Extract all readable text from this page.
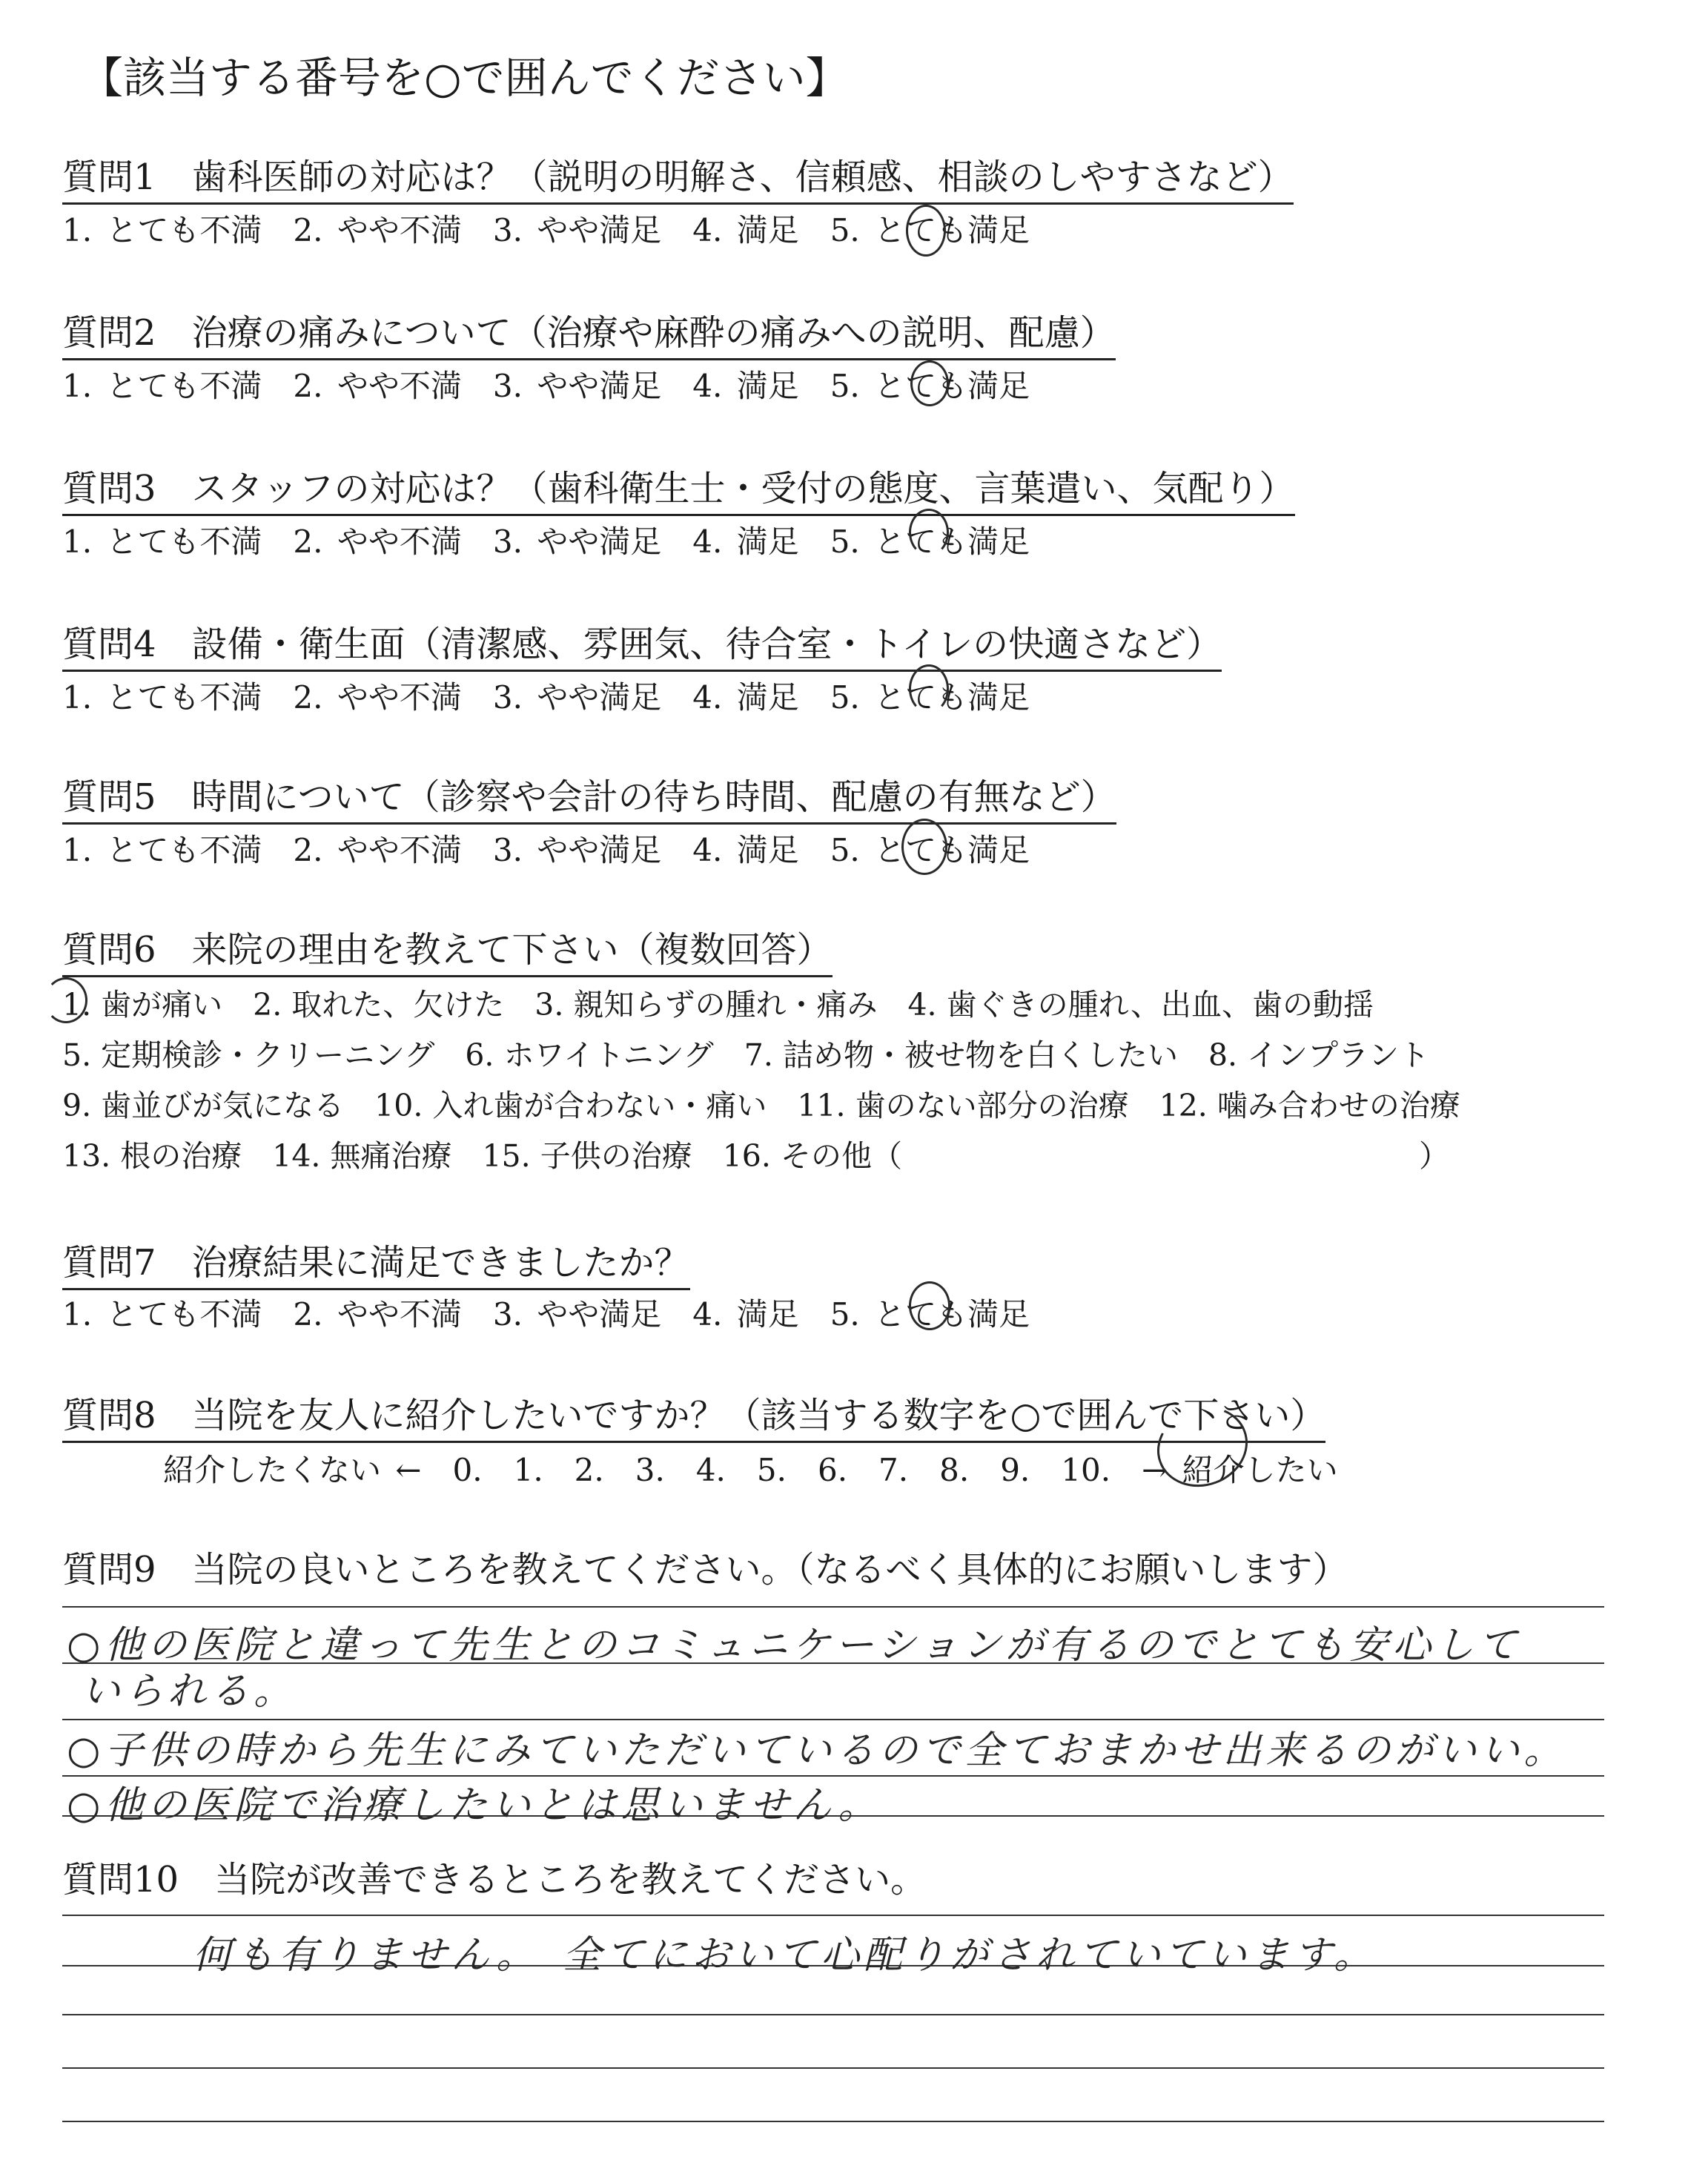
【該当する番号を○で囲んでください】
質問1　歯科医師の対応は？（説明の明解さ、信頼感、相談のしやすさなど）
1. とても不満　2. やや不満　3. やや満足　4. 満足　5. とても満足
質問2　治療の痛みについて（治療や麻酔の痛みへの説明、配慮）
1. とても不満　2. やや不満　3. やや満足　4. 満足　5. とても満足
質問3　スタッフの対応は？（歯科衛生士・受付の態度、言葉遣い、気配り）
1. とても不満　2. やや不満　3. やや満足　4. 満足　5. とても満足
質問4　設備・衛生面（清潔感、雰囲気、待合室・トイレの快適さなど）
1. とても不満　2. やや不満　3. やや満足　4. 満足　5. とても満足
質問5　時間について（診察や会計の待ち時間、配慮の有無など）
1. とても不満　2. やや不満　3. やや満足　4. 満足　5. とても満足
質問6　来院の理由を教えて下さい（複数回答）
1. 歯が痛い　2. 取れた、欠けた　3. 親知らずの腫れ・痛み　4. 歯ぐきの腫れ、出血、歯の動揺
5. 定期検診・クリーニング　6. ホワイトニング　7. 詰め物・被せ物を白くしたい　8. インプラント
9. 歯並びが気になる　10. 入れ歯が合わない・痛い　11. 歯のない部分の治療　12. 噛み合わせの治療
13. 根の治療　14. 無痛治療　15. 子供の治療　16. その他（　　　　　　　　　　　　　　　　　）
質問7　治療結果に満足できましたか？
1. とても不満　2. やや不満　3. やや満足　4. 満足　5. とても満足
質問8　当院を友人に紹介したいですか？（該当する数字を○で囲んで下さい）
紹介したくない ←　0.　1.　2.　3.　4.　5.　6.　7.　8.　9.　10.　→ 紹介したい
質問9　当院の良いところを教えてください。（なるべく具体的にお願いします）
○他の医院と違って先生とのコミュニケーションが有るのでとても安心して
いられる。
○子供の時から先生にみていただいているので全ておまかせ出来るのがいい。
○他の医院で治療したいとは思いません。
質問10　当院が改善できるところを教えてください。
何も有りません。　全てにおいて心配りがされていています。
